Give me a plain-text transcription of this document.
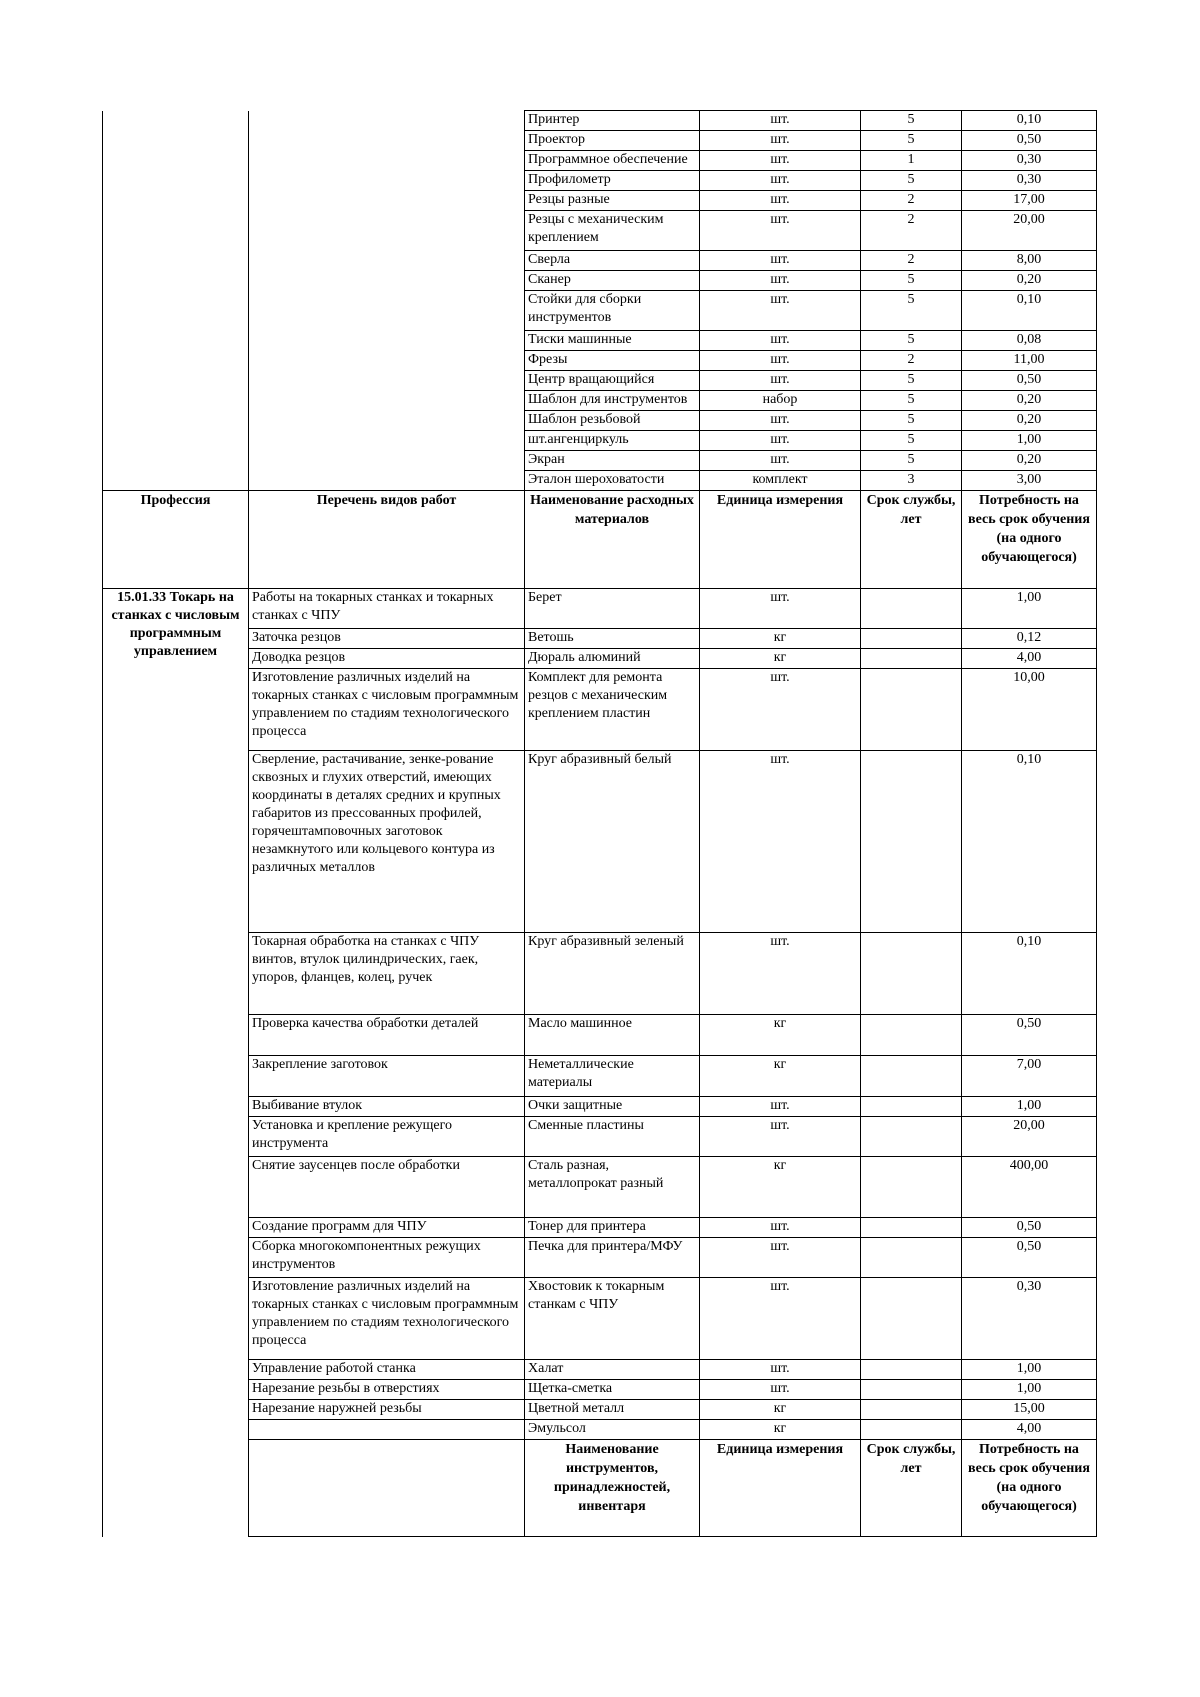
		Принтер	шт.	5	0,10
		Проектор	шт.	5	0,50
		Программное обеспечение	шт.	1	0,30
		Профилометр	шт.	5	0,30
		Резцы разные	шт.	2	17,00
		Резцы с механическим креплением	шт.	2	20,00
		Сверла	шт.	2	8,00
		Сканер	шт.	5	0,20
		Стойки для сборки инструментов	шт.	5	0,10
		Тиски машинные	шт.	5	0,08
		Фрезы	шт.	2	11,00
		Центр вращающийся	шт.	5	0,50
		Шаблон для инструментов	набор	5	0,20
		Шаблон резьбовой	шт.	5	0,20
		шт.ангенциркуль	шт.	5	1,00
		Экран	шт.	5	0,20
		Эталон шероховатости	комплект	3	3,00
Профессия	Перечень видов работ	Наименование расходных материалов	Единица измерения	Срок службы, лет	Потребность на весь срок обучения (на одного обучающегося)
15.01.33 Токарь на станках с числовым программным управлением	Работы на токарных станках и токарных станках с ЧПУ	Берет	шт.		1,00
	Заточка резцов	Ветошь	кг		0,12
	Доводка резцов	Дюраль алюминий	кг		4,00
	Изготовление различных изделий на токарных станках с числовым программным управлением по стадиям технологического процесса	Комплект для ремонта резцов с механическим креплением пластин	шт.		10,00
	Сверление, растачивание, зенке-рование сквозных и глухих отверстий, имеющих координаты в деталях средних и крупных габаритов из прессованных профилей, горячештамповочных заготовок незамкнутого или кольцевого контура из различных металлов	Круг абразивный белый	шт.		0,10
	Токарная обработка на станках с ЧПУ винтов, втулок цилиндрических, гаек, упоров, фланцев, колец, ручек	Круг абразивный зеленый	шт.		0,10
	Проверка качества обработки деталей	Масло машинное	кг		0,50
	Закрепление заготовок	Неметаллические материалы	кг		7,00
	Выбивание втулок	Очки защитные	шт.		1,00
	Установка и крепление режущего инструмента	Сменные пластины	шт.		20,00
	Снятие заусенцев после обработки	Сталь разная, металлопрокат разный	кг		400,00
	Создание программ для ЧПУ	Тонер для принтера	шт.		0,50
	Сборка многокомпонентных режущих инструментов	Печка для принтера/МФУ	шт.		0,50
	Изготовление различных изделий на токарных станках с числовым программным управлением по стадиям технологического процесса	Хвостовик к токарным станкам с ЧПУ	шт.		0,30
	Управление работой станка	Халат	шт.		1,00
	Нарезание резьбы в отверстиях	Щетка-сметка	шт.		1,00
	Нарезание наружней резьбы	Цветной металл	кг		15,00
		Эмульсол	кг		4,00
		Наименование инструментов, принадлежностей, инвентаря	Единица измерения	Срок службы, лет	Потребность на весь срок обучения (на одного обучающегося)
